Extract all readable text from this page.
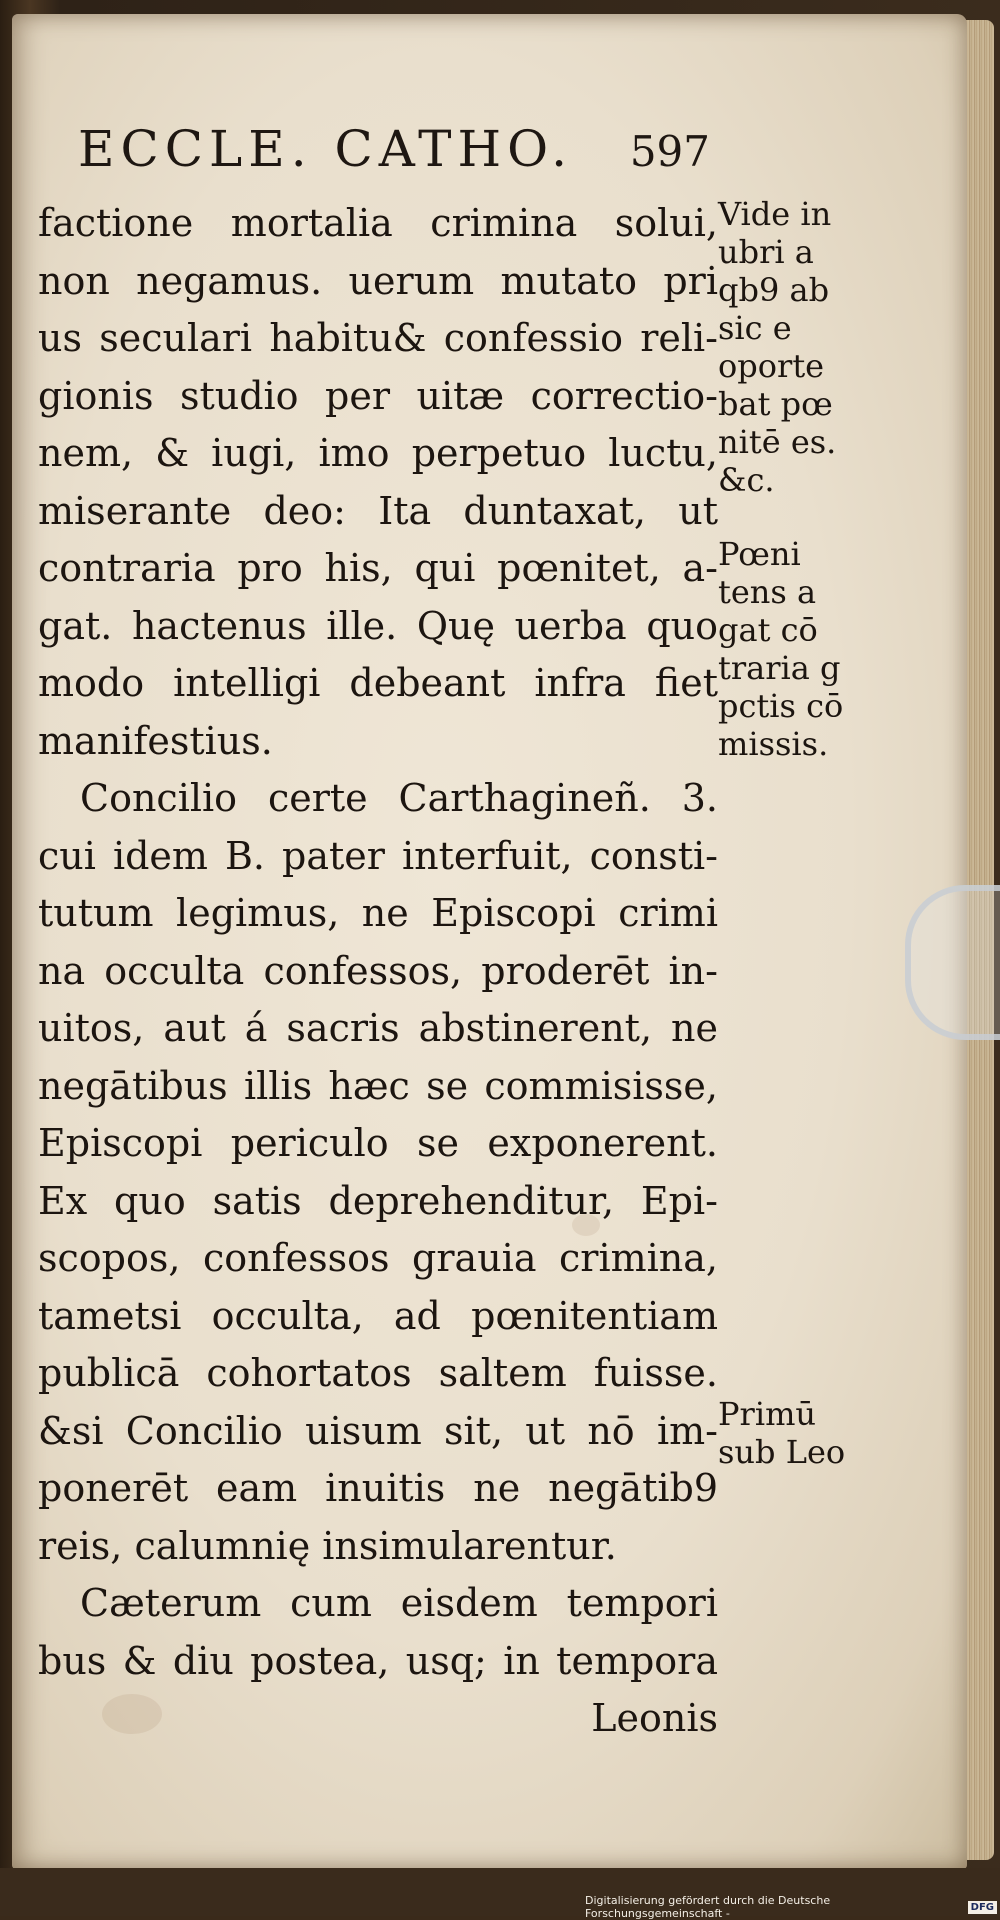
ECCLE. CATHO. 597
factione mortalia crimina solui,
non negamus. uerum mutato pri
us seculari habitu& confessio reli-
gionis studio per uitæ correctio-
nem, & iugi, imo perpetuo luctu,
miserante deo: Ita duntaxat, ut
contraria pro his, qui pœnitet, a-
gat. hactenus ille. Quę uerba quo
modo intelligi debeant infra fiet
manifestius.
Concilio certe Carthagineñ. 3.
cui idem B. pater interfuit, consti-
tutum legimus, ne Episcopi crimi
na occulta confessos, proderēt in-
uitos, aut á sacris abstinerent, ne
negātibus illis hæc se commisisse,
Episcopi periculo se exponerent.
Ex quo satis deprehenditur, Epi-
scopos, confessos grauia crimina,
tametsi occulta, ad pœnitentiam
publicā cohortatos saltem fuisse.
&si Concilio uisum sit, ut nō im-
ponerēt eam inuitis ne negātib9
reis, calumnię insimularentur.
Cæterum cum eisdem tempori
bus & diu postea, usq; in tempora
Leonis
Vide in
ubri a
qb9 ab
sic e
oporte
bat pœ
nitē es.
&c.
Pœni
tens a
gat cō
traria g
pctis cō
missis.
Primū
sub Leo
Digitalisierung gefördert durch die Deutsche Forschungsgemeinschaft -	DFG
